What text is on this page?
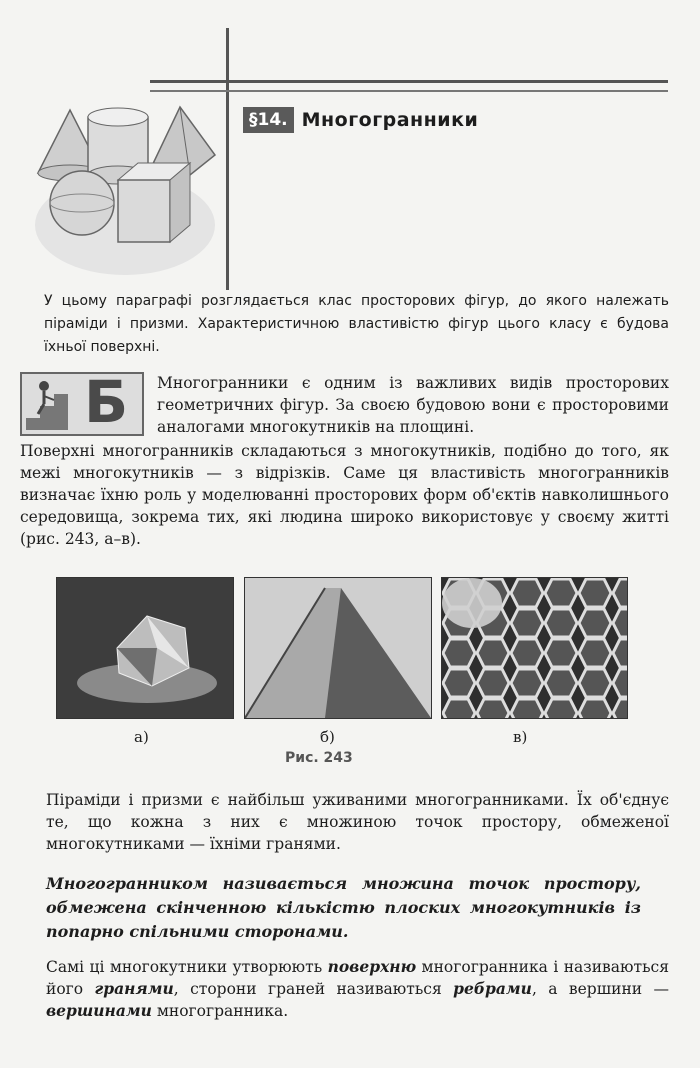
§14. Многогранники
У цьому параграфі розглядається клас просторових фігур, до якого належать піраміди і призми. Характеристичною властивістю фігур цього класу є будова їхньої поверхні.
Б Многогранники є одним із важливих видів просторових геометричних фігур. За своєю будовою вони є просторовими аналогами многокутників на площині.
Поверхні многогранників складаються з многокутників, подібно до того, як межі многокутників — з відрізків. Саме ця властивість многогранників визначає їхню роль у моделюванні просторових форм об'єктів навколишнього середовища, зокрема тих, які людина широко використовує у своєму житті (рис. 243, а–в).
а)	б)	в)
Рис. 243
Піраміди і призми є найбільш уживаними многогранниками. Їх об'єднує те, що кожна з них є множиною точок простору, обмеженої многокутниками — їхніми гранями.
Многогранником називається множина точок простору, обмежена скінченною кількістю плоских многокутників із попарно спільними сторонами.
Самі ці многокутники утворюють поверхню многогранника і називаються його гранями, сторони граней називаються ребрами, а вершини — вершинами многогранника.
